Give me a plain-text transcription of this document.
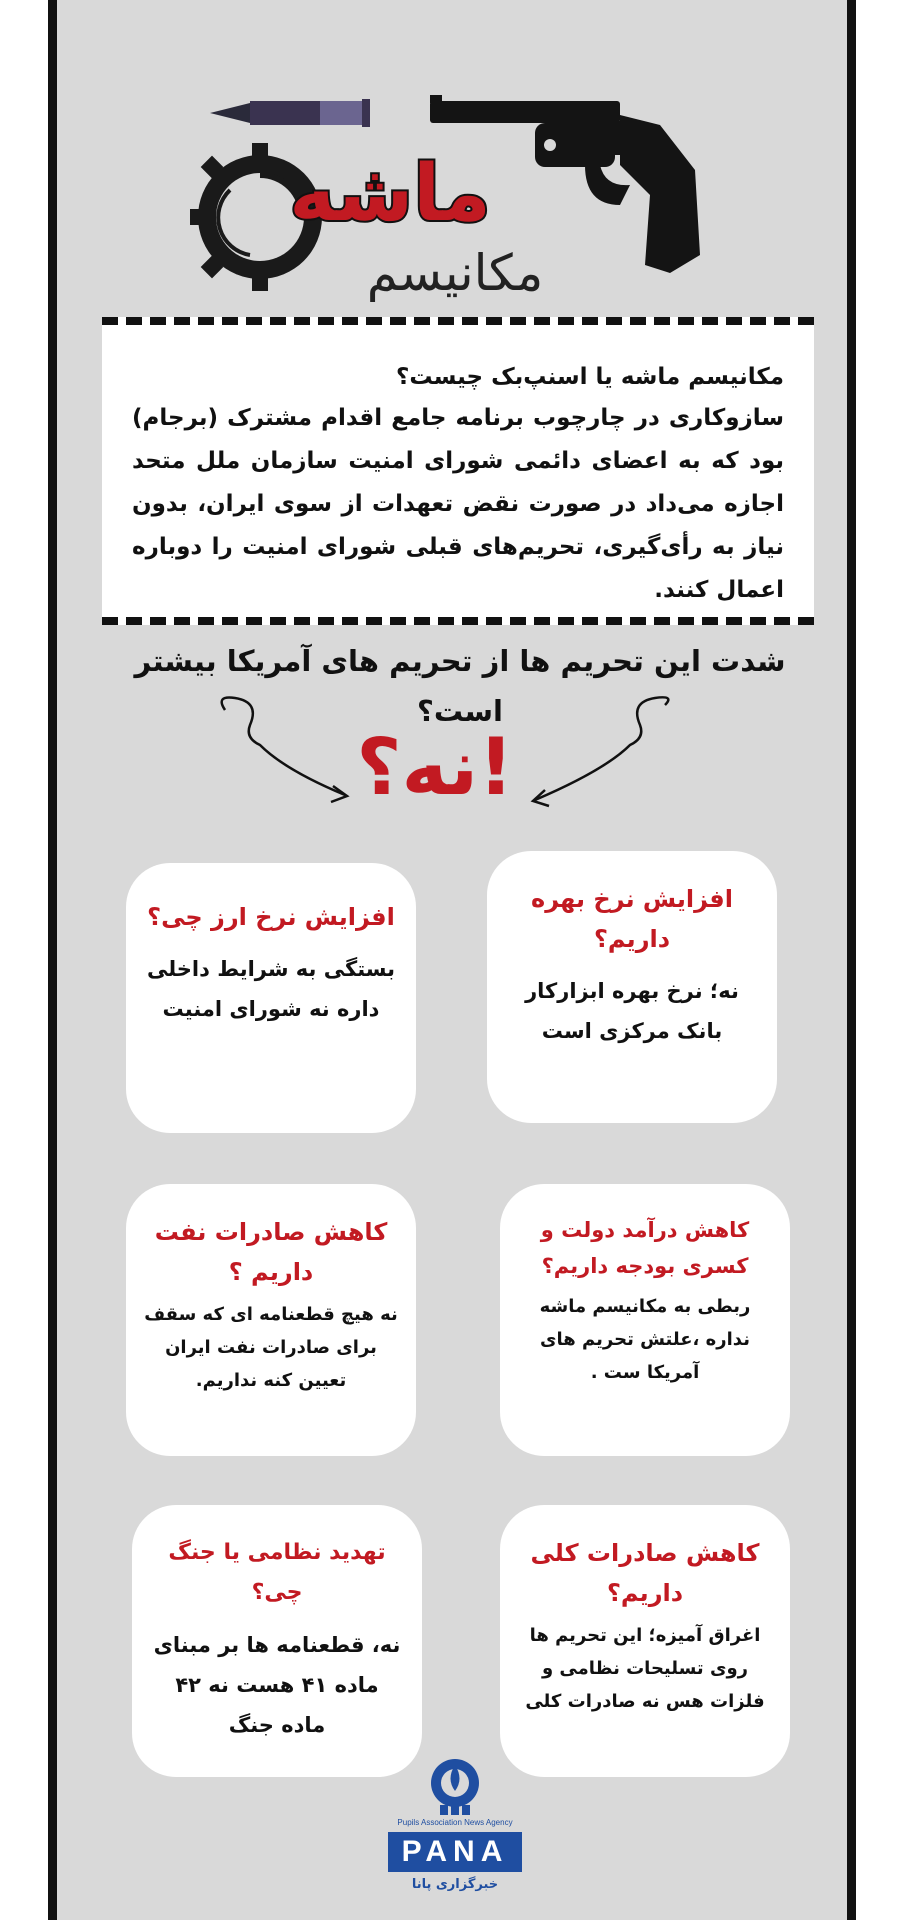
ماشه
مکانیسم
مکانیسم ماشه یا اسنپ‌بک چیست؟
سازوکاری در چارچوب برنامه جامع اقدام مشترک (برجام) بود که به اعضای دائمی شورای امنیت سازمان ملل متحد اجازه می‌داد در صورت نقض تعهدات از سوی ایران، بدون نیاز به رأی‌گیری، تحریم‌های قبلی شورای امنیت را دوباره اعمال کنند.
شدت این تحریم ها از تحریم های آمریکا بیشتر است؟
نه؟!
افزایش نرخ بهره داریم؟
نه؛ نرخ بهره ابزارکار بانک مرکزی است
افزایش نرخ ارز چی؟
بستگی به شرایط داخلی داره نه شورای امنیت
کاهش درآمد دولت و کسری بودجه داریم؟
ربطی به مکانیسم ماشه نداره ،علتش تحریم های آمریکا ست .
کاهش صادرات نفت داریم ؟
نه هیچ قطعنامه ای که سقف برای صادرات نفت ایران تعیین کنه نداریم.
کاهش صادرات کلی داریم؟
اغراق آمیزه؛ این تحریم ها روی تسلیحات نظامی و فلزات هس نه صادرات کلی
تهدید نظامی یا جنگ چی؟
نه، قطعنامه ها بر مبنای ماده ۴۱ هست نه ۴۲ ماده جنگ
Pupils Association News Agency
PANA
خبرگزاری پانا
